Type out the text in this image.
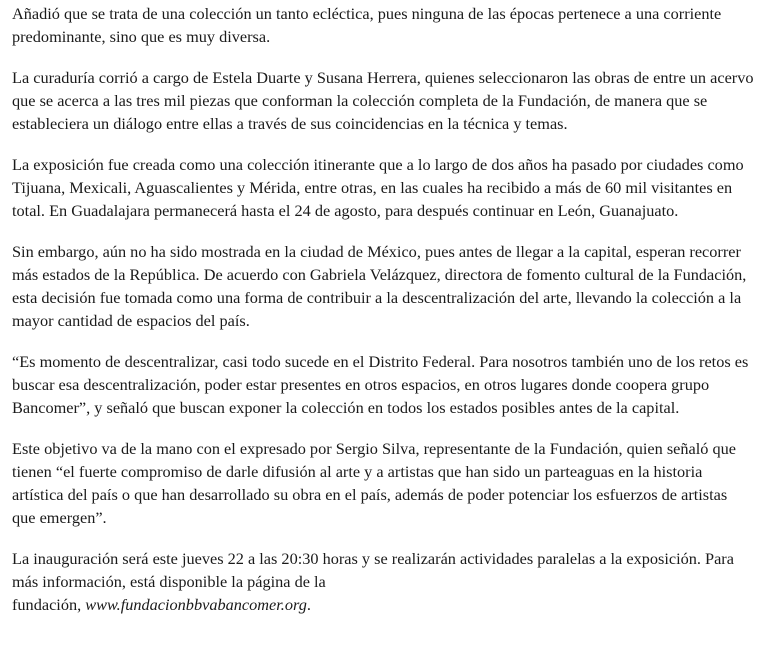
Añadió que se trata de una colección un tanto ecléctica, pues ninguna de las épocas pertenece a una corriente predominante, sino que es muy diversa.

La curaduría corrió a cargo de Estela Duarte y Susana Herrera, quienes seleccionaron las obras de entre un acervo que se acerca a las tres mil piezas que conforman la colección completa de la Fundación, de manera que se estableciera un diálogo entre ellas a través de sus coincidencias en la técnica y temas.

La exposición fue creada como una colección itinerante que a lo largo de dos años ha pasado por ciudades como Tijuana, Mexicali, Aguascalientes y Mérida, entre otras, en las cuales ha recibido a más de 60 mil visitantes en total. En Guadalajara permanecerá hasta el 24 de agosto, para después continuar en León, Guanajuato.

Sin embargo, aún no ha sido mostrada en la ciudad de México, pues antes de llegar a la capital, esperan recorrer más estados de la República. De acuerdo con Gabriela Velázquez, directora de fomento cultural de la Fundación, esta decisión fue tomada como una forma de contribuir a la descentralización del arte, llevando la colección a la mayor cantidad de espacios del país.

“Es momento de descentralizar, casi todo sucede en el Distrito Federal. Para nosotros también uno de los retos es buscar esa descentralización, poder estar presentes en otros espacios, en otros lugares donde coopera grupo Bancomer”, y señaló que buscan exponer la colección en todos los estados posibles antes de la capital.

Este objetivo va de la mano con el expresado por Sergio Silva, representante de la Fundación, quien señaló que tienen “el fuerte compromiso de darle difusión al arte y a artistas que han sido un parteaguas en la historia artística del país o que han desarrollado su obra en el país, además de poder potenciar los esfuerzos de artistas que emergen”.

La inauguración será este jueves 22 a las 20:30 horas y se realizarán actividades paralelas a la exposición. Para más información, está disponible la página de la
fundación, www.fundacionbbvabancomer.org.
